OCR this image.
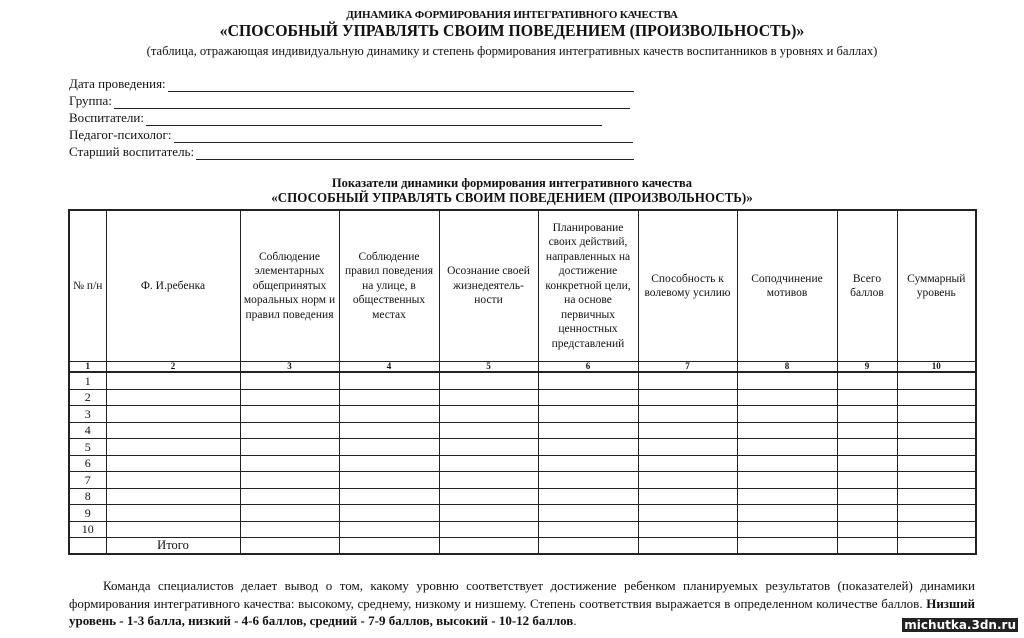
ДИНАМИКА ФОРМИРОВАНИЯ ИНТЕГРАТИВНОГО КАЧЕСТВА
«СПОСОБНЫЙ УПРАВЛЯТЬ СВОИМ ПОВЕДЕНИЕМ (ПРОИЗВОЛЬНОСТЬ)»
(таблица, отражающая индивидуальную динамику и степень формирования интегративных качеств воспитанников в уровнях и баллах)
Дата проведения:
Группа:
Воспитатели:
Педагог-психолог:
Старший воспитатель:
Показатели динамики формирования интегративного качества
«СПОСОБНЫЙ УПРАВЛЯТЬ СВОИМ ПОВЕДЕНИЕМ (ПРОИЗВОЛЬНОСТЬ)»
№ п/н	Ф. И.ребенка	Соблюдение элементарных общепринятых моральных норм и правил поведения	Соблюдение правил поведения на улице, в общественных местах	Осознание своей жизнедеятель-ности	Планирование своих действий, направленных на достижение конкретной цели, на основе первичных ценностных представлений	Способность к волевому усилию	Соподчинение мотивов	Всего баллов	Суммарный уровень
1	2	3	4	5	6	7	8	9	10
1									
2									
3									
4									
5									
6									
7									
8									
9									
10									
	Итого								
Команда специалистов делает вывод о том, какому уровню соответствует достижение ребенком планируемых результатов (показателей) динамики формирования интегративного качества: высокому, среднему, низкому и низшему. Степень соответствия выражается в определенном количестве баллов. Низший уровень - 1-3 балла, низкий - 4-6 баллов, средний - 7-9 баллов, высокий - 10-12 баллов.	michutka.3dn.ru
